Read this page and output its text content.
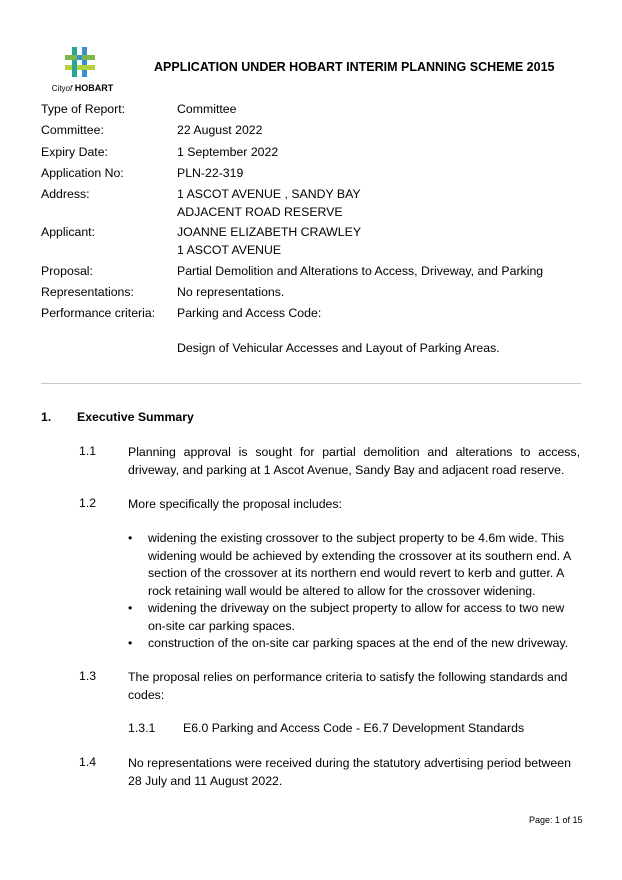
Cityof HOBART
APPLICATION UNDER HOBART INTERIM PLANNING SCHEME 2015
Type of Report:	Committee
Committee:	22 August 2022
Expiry Date:	1 September 2022
Application No:	PLN-22-319
Address:	1 ASCOT AVENUE , SANDY BAY
ADJACENT ROAD RESERVE
Applicant:	JOANNE ELIZABETH CRAWLEY
1 ASCOT AVENUE
Proposal:	Partial Demolition and Alterations to Access, Driveway, and Parking
Representations:	No representations.
Performance criteria: Parking and Access Code:
Design of Vehicular Accesses and Layout of Parking Areas.
1. Executive Summary
1.1	Planning approval is sought for partial demolition and alterations to access, driveway, and parking at 1 Ascot Avenue, Sandy Bay and adjacent road reserve.
1.2	More specifically the proposal includes:
• widening the existing crossover to the subject property to be 4.6m wide. This widening would be achieved by extending the crossover at its southern end. A section of the crossover at its northern end would revert to kerb and gutter. A rock retaining wall would be altered to allow for the crossover widening.
• widening the driveway on the subject property to allow for access to two new on-site car parking spaces.
• construction of the on-site car parking spaces at the end of the new driveway.
1.3	The proposal relies on performance criteria to satisfy the following standards and codes:
1.3.1 E6.0 Parking and Access Code - E6.7 Development Standards
1.4	No representations were received during the statutory advertising period between 28 July and 11 August 2022.
Page: 1 of 15
